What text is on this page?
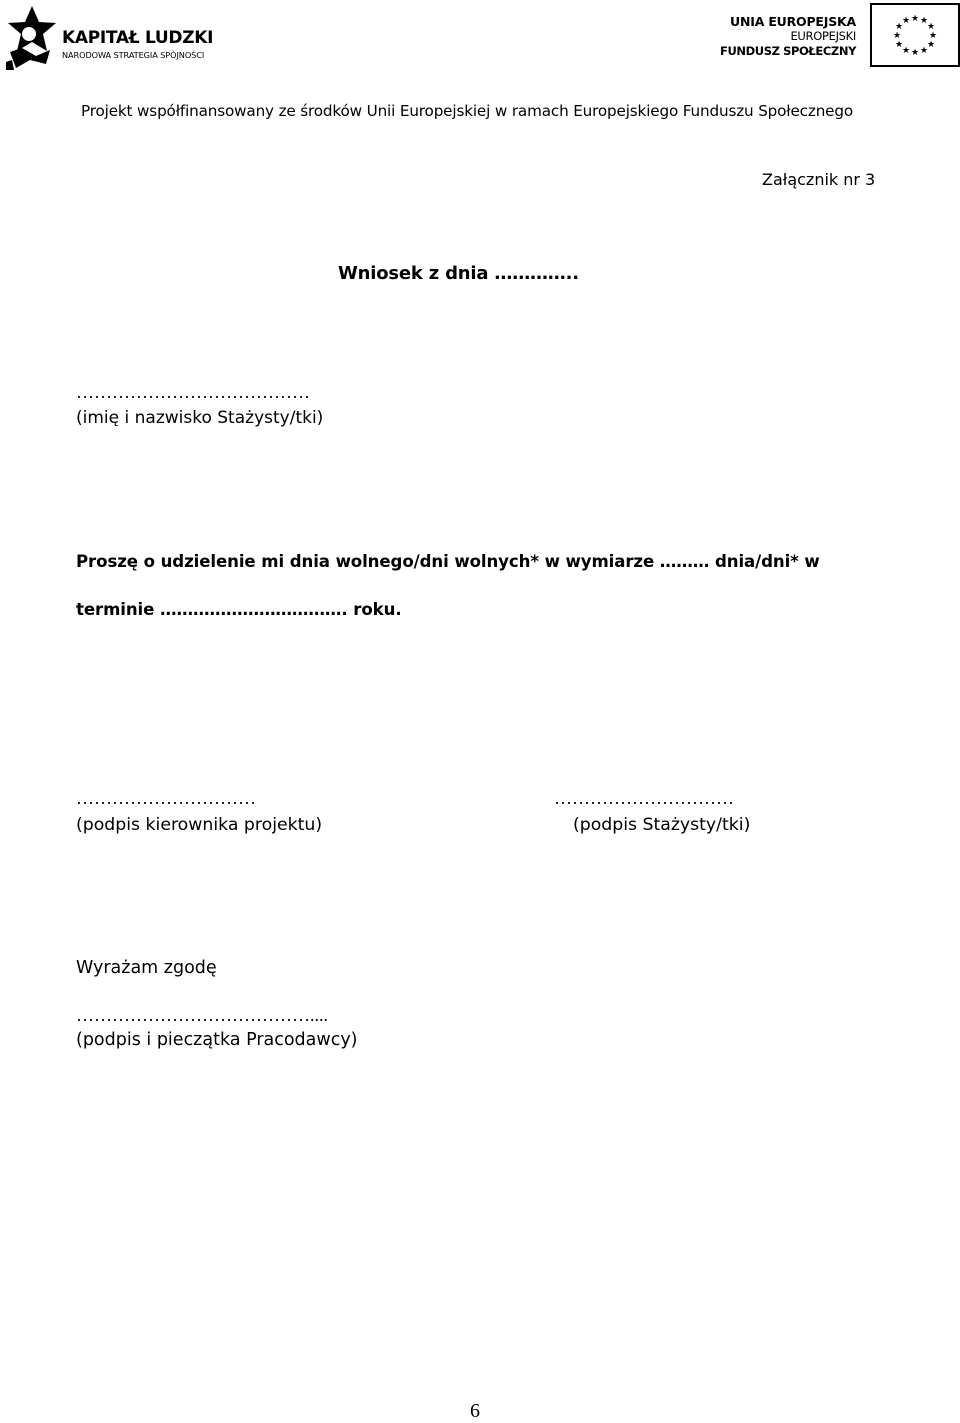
KAPITAŁ LUDZKI
NARODOWA STRATEGIA SPÓJNOŚCI
UNIA EUROPEJSKA
EUROPEJSKI
FUNDUSZ SPOŁECZNY
★ ★
★
★
★
★
★
★
★
★
★
★
Projekt współfinansowany ze środków Unii Europejskiej w ramach Europejskiego Funduszu Społecznego
Załącznik nr 3
Wniosek z dnia …………..
…………………………………
(imię i nazwisko Stażysty/tki)
Proszę o udzielenie mi dnia wolnego/dni wolnych* w wymiarze ……… dnia/dni* w
terminie ……………………………. roku.
…………………………
(podpis kierownika projektu)
…………………………
(podpis Stażysty/tki)
Wyrażam zgodę
…………………………………....
(podpis i pieczątka Pracodawcy)
6
